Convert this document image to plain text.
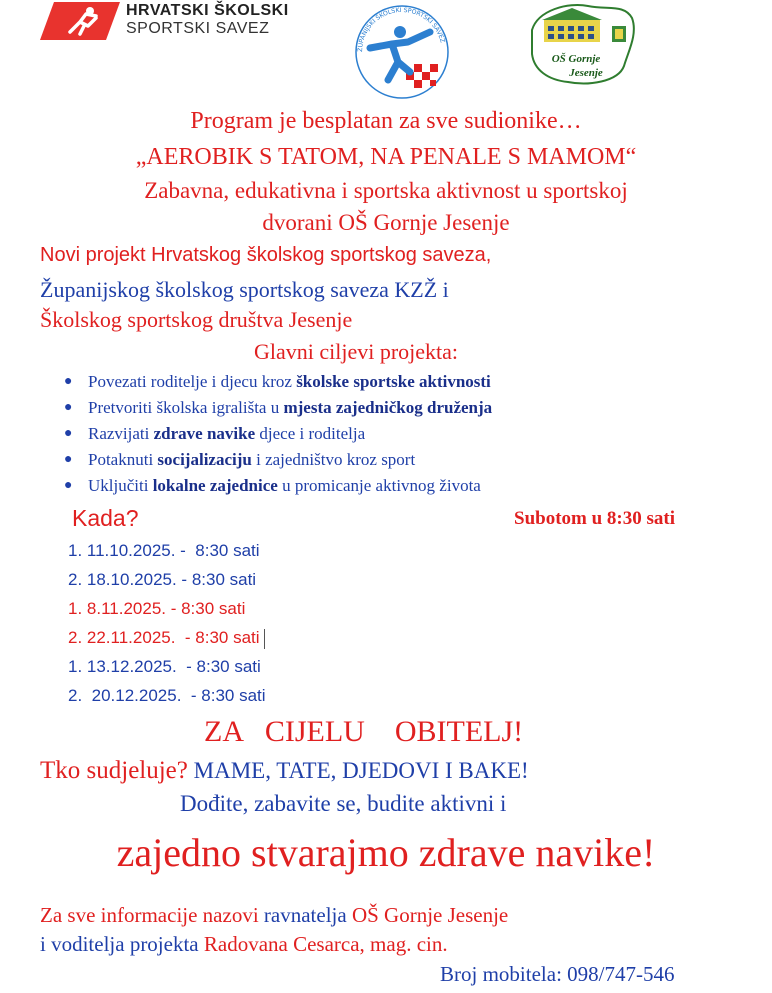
HRVATSKI ŠKOLSKI
SPORTSKI SAVEZ
ŽUPANIJSKI ŠKOLSKI SPORTSKI SAVEZ
OŠ Gornje
Jesenje
Program je besplatan za sve sudionike…
„AEROBIK S TATOM, NA PENALE S MAMOM“
Zabavna, edukativna i sportska aktivnost u sportskoj
dvorani OŠ Gornje Jesenje
Novi projekt Hrvatskog školskog sportskog saveza,
Županijskog školskog sportskog saveza KZŽ i
Školskog sportskog društva Jesenje
Glavni ciljevi projekta:
● Povezati roditelje i djecu kroz školske sportske aktivnosti
● Pretvoriti školska igrališta u mjesta zajedničkog druženja
● Razvijati zdrave navike djece i roditelja
● Potaknuti socijalizaciju i zajedništvo kroz sport
● Uključiti lokalne zajednice u promicanje aktivnog života
Kada?	Subotom u 8:30 sati
1. 11.10.2025. -  8:30 sati
2. 18.10.2025. - 8:30 sati
1. 8.11.2025. - 8:30 sati
2. 22.11.2025.  - 8:30 sati
1. 13.12.2025.  - 8:30 sati
2.  20.12.2025.  - 8:30 sati
ZA   CIJELU    OBITELJ!
Tko sudjeluje? MAME, TATE, DJEDOVI I BAKE!
Dođite, zabavite se, budite aktivni i
zajedno stvarajmo zdrave navike!
Za sve informacije nazovi ravnatelja OŠ Gornje Jesenje
i voditelja projekta Radovana Cesarca, mag. cin.
Broj mobitela: 098/747-546
